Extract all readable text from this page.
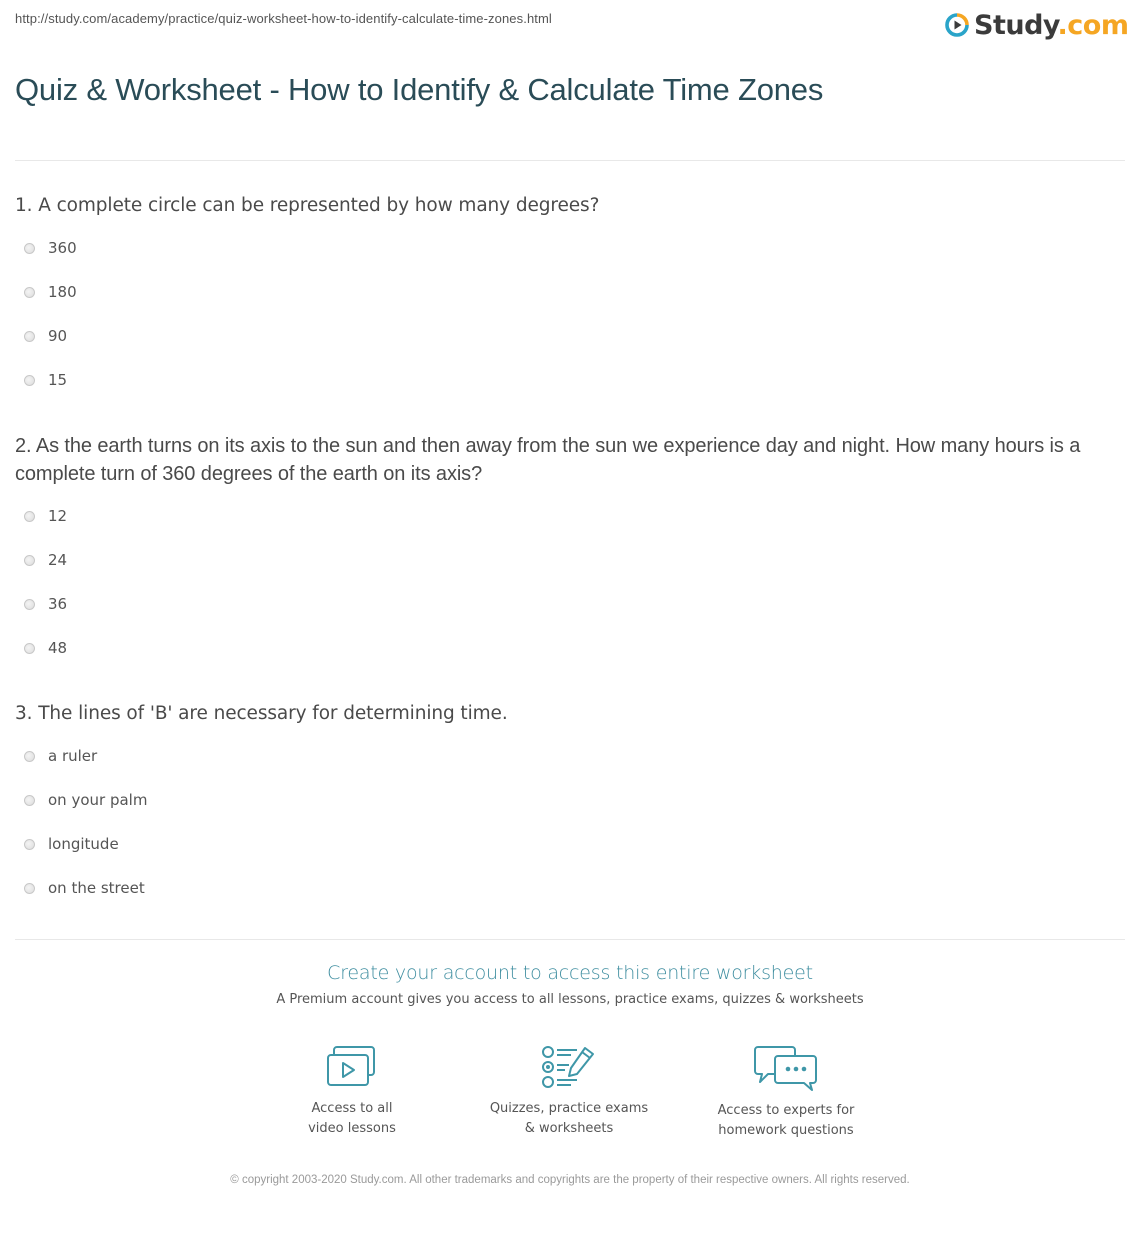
http://study.com/academy/practice/quiz-worksheet-how-to-identify-calculate-time-zones.html	Study.com
Quiz & Worksheet - How to Identify & Calculate Time Zones

1. A complete circle can be represented by how many degrees?

360
180
90
15

2. As the earth turns on its axis to the sun and then away from the sun we experience day and night. How many hours is a complete turn of 360 degrees of the earth on its axis?

12
24
36
48

3. The lines of 'B' are necessary for determining time.

a ruler
on your palm
longitude
on the street
Create your account to access this entire worksheet
A Premium account gives you access to all lessons, practice exams, quizzes & worksheets
Access to all
video lessons
Quizzes, practice exams
& worksheets
Access to experts for
homework questions
© copyright 2003-2020 Study.com. All other trademarks and copyrights are the property of their respective owners. All rights reserved.
